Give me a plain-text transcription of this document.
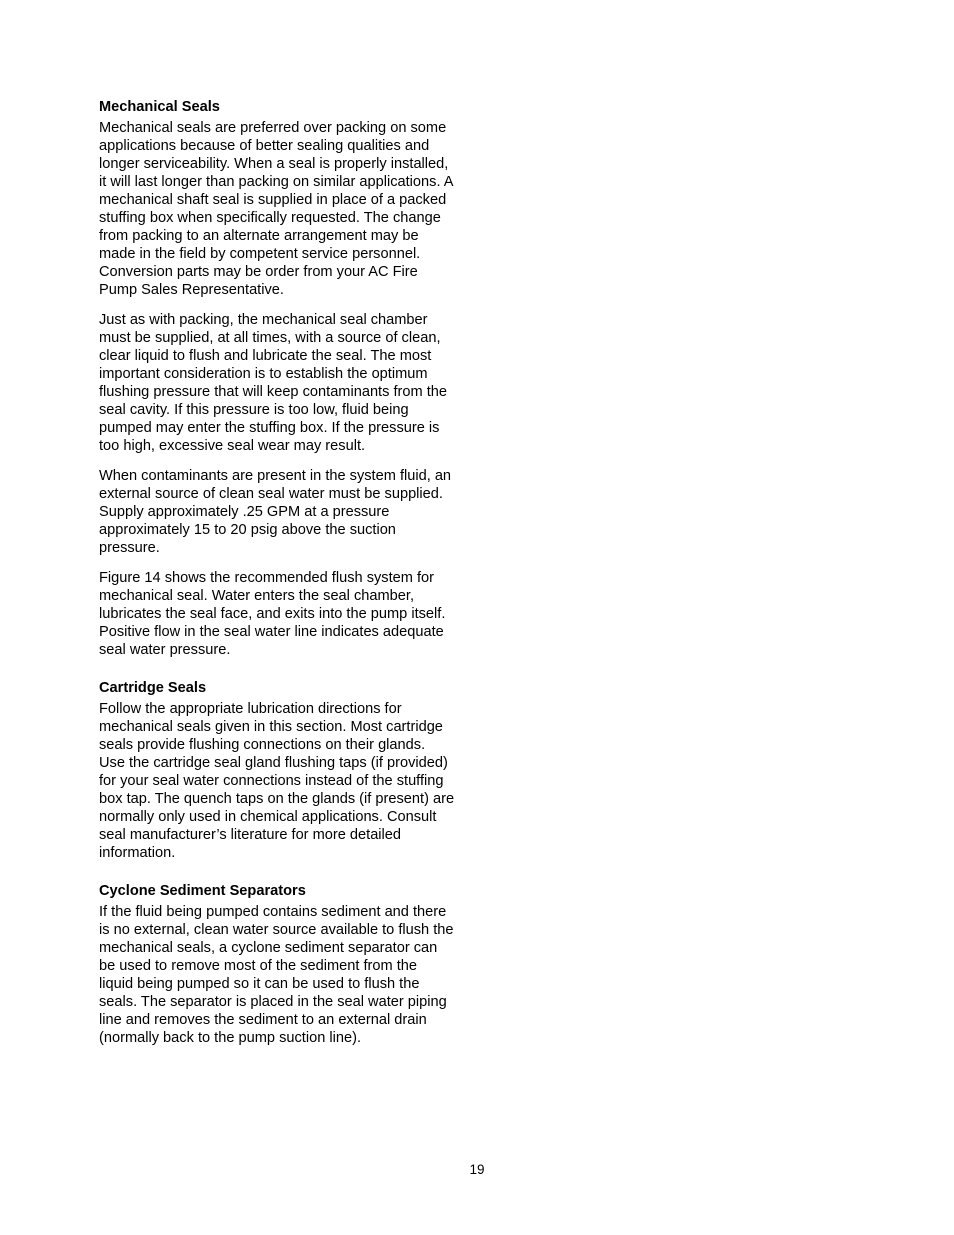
Mechanical Seals

Mechanical seals are preferred over packing on some applications because of better sealing qualities and longer serviceability. When a seal is properly installed, it will last longer than packing on similar applications. A mechanical shaft seal is supplied in place of a packed stuffing box when specifically requested. The change from packing to an alternate arrangement may be made in the field by competent service personnel. Conversion parts may be order from your AC Fire Pump Sales Representative.

Just as with packing, the mechanical seal chamber must be supplied, at all times, with a source of clean, clear liquid to flush and lubricate the seal. The most important consideration is to establish the optimum flushing pressure that will keep contaminants from the seal cavity. If this pressure is too low, fluid being pumped may enter the stuffing box. If the pressure is too high, excessive seal wear may result.

When contaminants are present in the system fluid, an external source of clean seal water must be supplied. Supply approximately .25 GPM at a pressure approximately 15 to 20 psig above the suction pressure.

Figure 14 shows the recommended flush system for mechanical seal. Water enters the seal chamber, lubricates the seal face, and exits into the pump itself. Positive flow in the seal water line indicates adequate seal water pressure.

Cartridge Seals

Follow the appropriate lubrication directions for mechanical seals given in this section. Most cartridge seals provide flushing connections on their glands. Use the cartridge seal gland flushing taps (if provided) for your seal water connections instead of the stuffing box tap. The quench taps on the glands (if present) are normally only used in chemical applications. Consult seal manufacturer’s literature for more detailed information.

Cyclone Sediment Separators

If the fluid being pumped contains sediment and there is no external, clean water source available to flush the mechanical seals, a cyclone sediment separator can be used to remove most of the sediment from the liquid being pumped so it can be used to flush the seals. The separator is placed in the seal water piping line and removes the sediment to an external drain (normally back to the pump suction line).

19
